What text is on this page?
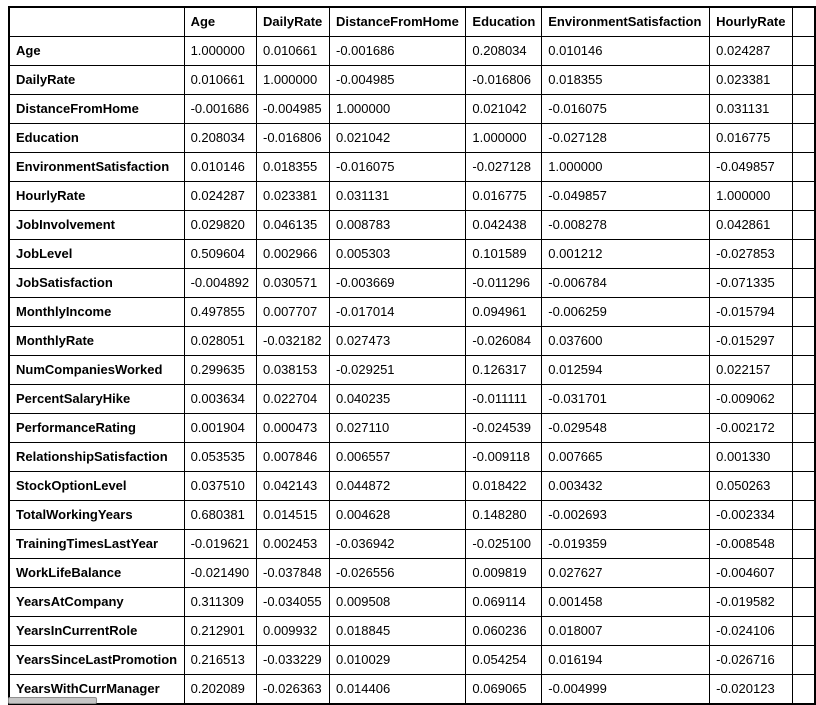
	Age	DailyRate	DistanceFromHome	Education	EnvironmentSatisfaction	HourlyRate	
Age	1.000000	0.010661	-0.001686	0.208034	0.010146	0.024287	
DailyRate	0.010661	1.000000	-0.004985	-0.016806	0.018355	0.023381	
DistanceFromHome	-0.001686	-0.004985	1.000000	0.021042	-0.016075	0.031131	
Education	0.208034	-0.016806	0.021042	1.000000	-0.027128	0.016775	
EnvironmentSatisfaction	0.010146	0.018355	-0.016075	-0.027128	1.000000	-0.049857	
HourlyRate	0.024287	0.023381	0.031131	0.016775	-0.049857	1.000000	
JobInvolvement	0.029820	0.046135	0.008783	0.042438	-0.008278	0.042861	
JobLevel	0.509604	0.002966	0.005303	0.101589	0.001212	-0.027853	
JobSatisfaction	-0.004892	0.030571	-0.003669	-0.011296	-0.006784	-0.071335	
MonthlyIncome	0.497855	0.007707	-0.017014	0.094961	-0.006259	-0.015794	
MonthlyRate	0.028051	-0.032182	0.027473	-0.026084	0.037600	-0.015297	
NumCompaniesWorked	0.299635	0.038153	-0.029251	0.126317	0.012594	0.022157	
PercentSalaryHike	0.003634	0.022704	0.040235	-0.011111	-0.031701	-0.009062	
PerformanceRating	0.001904	0.000473	0.027110	-0.024539	-0.029548	-0.002172	
RelationshipSatisfaction	0.053535	0.007846	0.006557	-0.009118	0.007665	0.001330	
StockOptionLevel	0.037510	0.042143	0.044872	0.018422	0.003432	0.050263	
TotalWorkingYears	0.680381	0.014515	0.004628	0.148280	-0.002693	-0.002334	
TrainingTimesLastYear	-0.019621	0.002453	-0.036942	-0.025100	-0.019359	-0.008548	
WorkLifeBalance	-0.021490	-0.037848	-0.026556	0.009819	0.027627	-0.004607	
YearsAtCompany	0.311309	-0.034055	0.009508	0.069114	0.001458	-0.019582	
YearsInCurrentRole	0.212901	0.009932	0.018845	0.060236	0.018007	-0.024106	
YearsSinceLastPromotion	0.216513	-0.033229	0.010029	0.054254	0.016194	-0.026716	
YearsWithCurrManager	0.202089	-0.026363	0.014406	0.069065	-0.004999	-0.020123	
